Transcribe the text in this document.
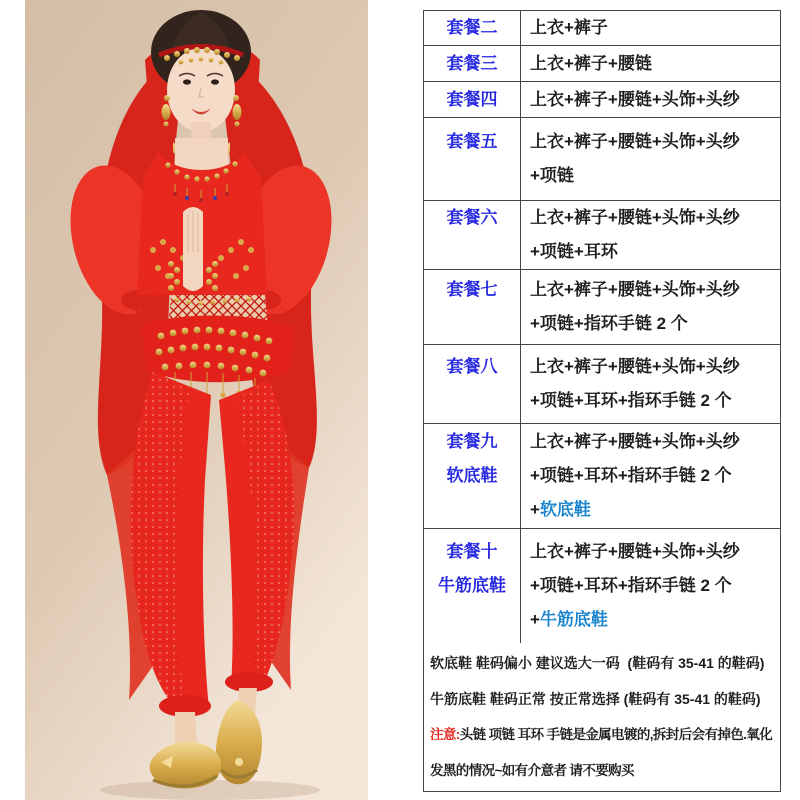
套餐二 上衣+裤子
套餐三 上衣+裤子+腰链
套餐四 上衣+裤子+腰链+头饰+头纱
套餐五 上衣+裤子+腰链+头饰+头纱
+项链
套餐六 上衣+裤子+腰链+头饰+头纱
+项链+耳环
套餐七 上衣+裤子+腰链+头饰+头纱
+项链+指环手链 2 个
套餐八 上衣+裤子+腰链+头饰+头纱
+项链+耳环+指环手链 2 个
套餐九
软底鞋
上衣+裤子+腰链+头饰+头纱
+项链+耳环+指环手链 2 个
+软底鞋
套餐十
牛筋底鞋
上衣+裤子+腰链+头饰+头纱
+项链+耳环+指环手链 2 个
+牛筋底鞋
软底鞋 鞋码偏小 建议选大一码  (鞋码有 35-41 的鞋码)
牛筋底鞋 鞋码正常 按正常选择 (鞋码有 35-41 的鞋码)
注意:头链 项链 耳环 手链是金属电镀的,拆封后会有掉色.氧化
发黑的情况~如有介意者 请不要购买
